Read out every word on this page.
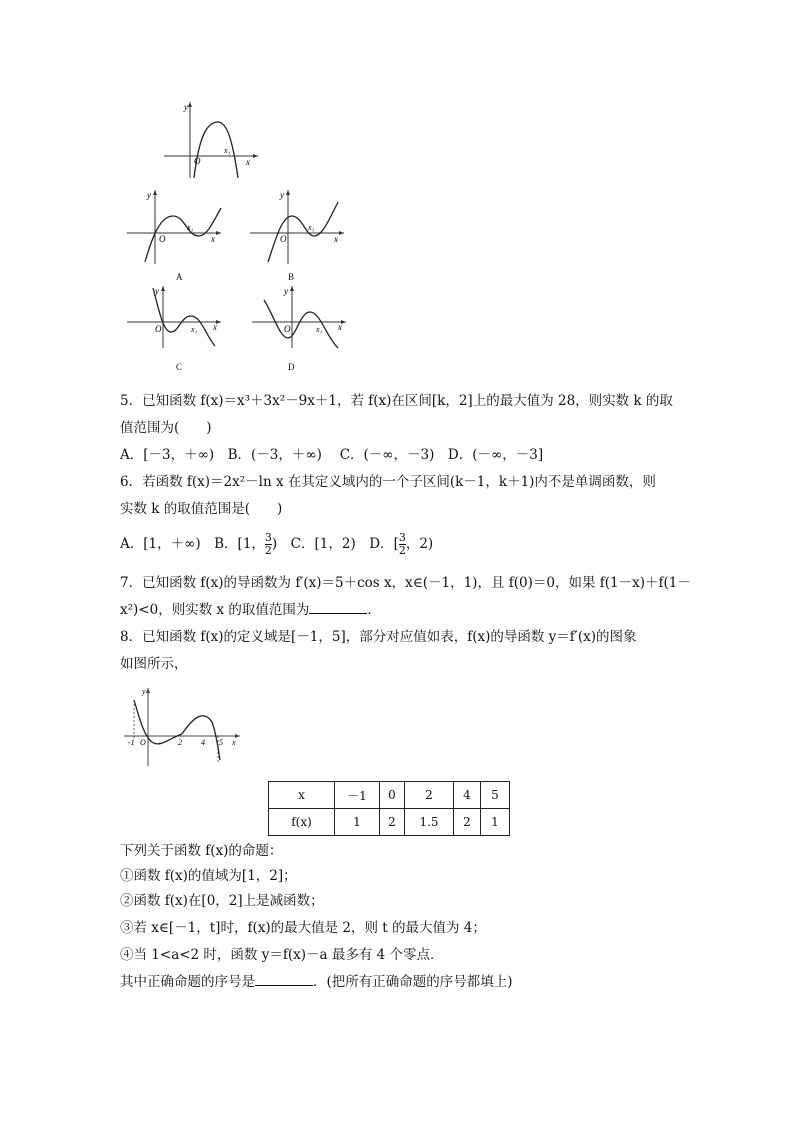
y
O
x₁
x
y
O
x₁
x
A
y
O
x₁
x
B
y
O	x₁ x
C
y
O	x₁ x
D
5．已知函数 f(x)＝x³＋3x²－9x＋1，若 f(x)在区间[k，2]上的最大值为 28，则实数 k 的取
值范围为(　　)
A．[－3，＋∞)　B．(－3，＋∞)　 C．(－∞，－3)　D．(－∞，－3]
6．若函数 f(x)＝2x²－ln x 在其定义域内的一个子区间(k－1，k＋1)内不是单调函数，则
实数 k 的取值范围是(　　)
A．[1，＋∞)　B．[1， $\frac{3}{2}$ )　C．[1，2)　D．[ $\frac{3}{2}$ ，2)
7．已知函数 f(x)的导函数为 f′(x)＝5＋cos x，x∈(－1，1)，且 f(0)＝0，如果 f(1－x)＋f(1－
x²)<0，则实数 x 的取值范围为	．
8．已知函数 f(x)的定义域是[－1，5]，部分对应值如表，f(x)的导函数 y＝f′(x)的图象
如图所示，
y
-1 O	2 4 5 x
x	－1	0	2	4	5
f(x)	1	2	1.5	2	1
下列关于函数 f(x)的命题：
①函数 f(x)的值域为[1，2]；
②函数 f(x)在[0，2]上是减函数；
③若 x∈[－1，t]时，f(x)的最大值是 2，则 t 的最大值为 4；
④当 1<a<2 时，函数 y＝f(x)－a 最多有 4 个零点．
其中正确命题的序号是	．(把所有正确命题的序号都填上)
